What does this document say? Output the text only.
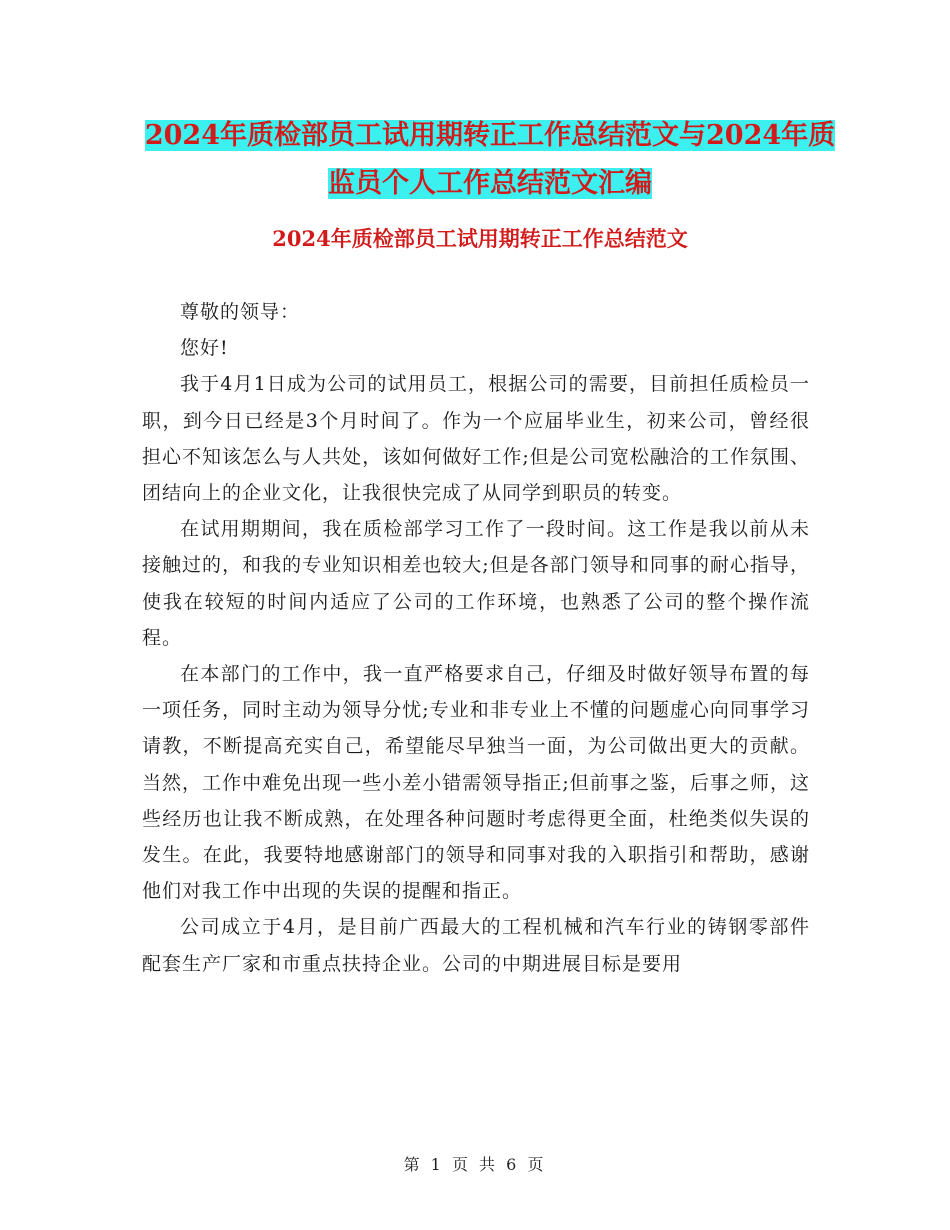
2024年质检部员工试用期转正工作总结范文与2024年质监员个人工作总结范文汇编
2024年质检部员工试用期转正工作总结范文

尊敬的领导：

您好!

我于4月1日成为公司的试用员工，根据公司的需要，目前担任质检员一职，到今日已经是3个月时间了。作为一个应届毕业生，初来公司，曾经很担心不知该怎么与人共处，该如何做好工作;但是公司宽松融洽的工作氛围、团结向上的企业文化，让我很快完成了从同学到职员的转变。

在试用期期间，我在质检部学习工作了一段时间。这工作是我以前从未接触过的，和我的专业知识相差也较大;但是各部门领导和同事的耐心指导，使我在较短的时间内适应了公司的工作环境，也熟悉了公司的整个操作流程。

在本部门的工作中，我一直严格要求自己，仔细及时做好领导布置的每一项任务，同时主动为领导分忧;专业和非专业上不懂的问题虚心向同事学习请教，不断提高充实自己，希望能尽早独当一面，为公司做出更大的贡献。当然，工作中难免出现一些小差小错需领导指正;但前事之鉴，后事之师，这些经历也让我不断成熟，在处理各种问题时考虑得更全面，杜绝类似失误的发生。在此，我要特地感谢部门的领导和同事对我的入职指引和帮助，感谢他们对我工作中出现的失误的提醒和指正。

公司成立于4月，是目前广西最大的工程机械和汽车行业的铸钢零部件配套生产厂家和市重点扶持企业。公司的中期进展目标是要用

第 1 页 共 6 页
